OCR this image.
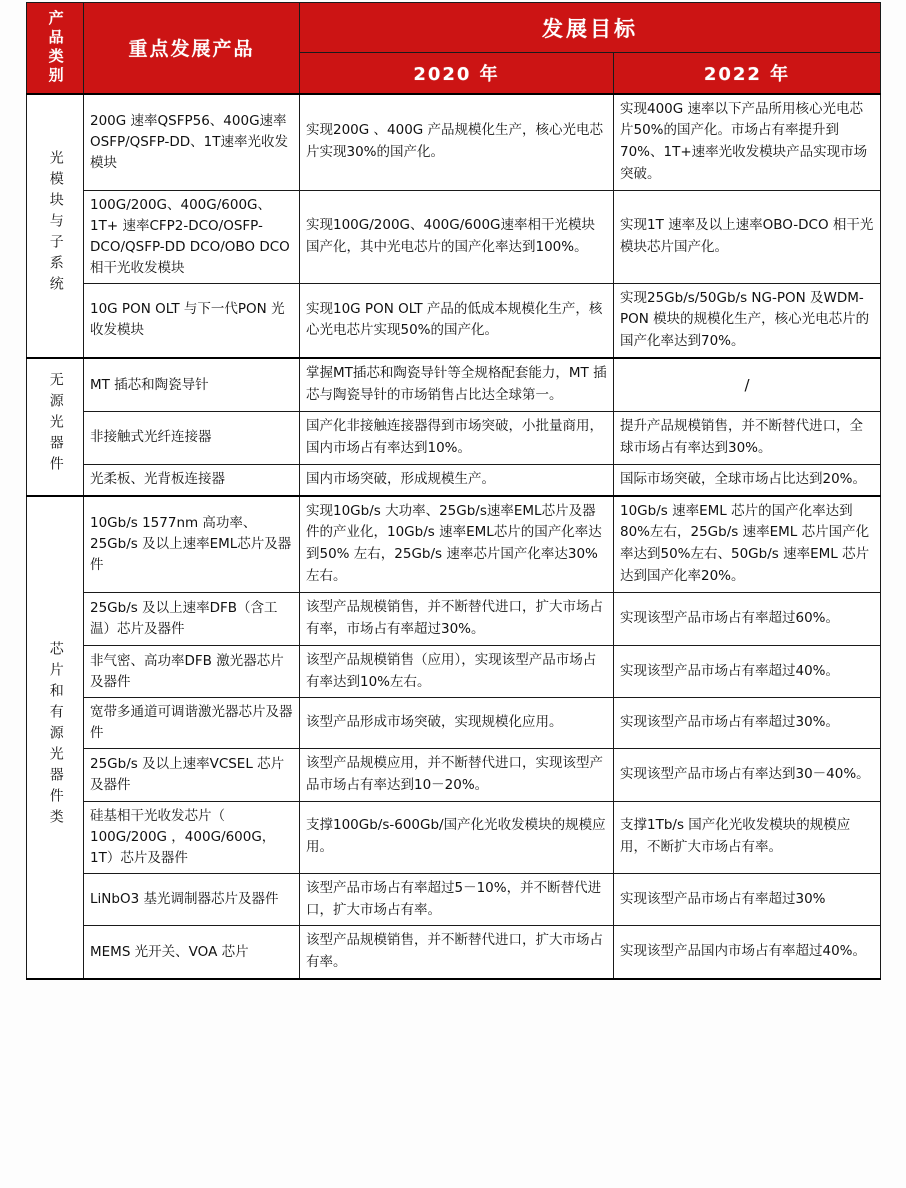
产品类别	重点发展产品	发展目标	
		2020 年	2022 年
光模块与子系统	200G 速率QSFP56、400G速率OSFP/QSFP-DD、1T速率光收发模块	实现200G 、400G 产品规模化生产，核心光电芯片实现30%的国产化。	实现400G 速率以下产品所用核心光电芯片50%的国产化。市场占有率提升到70%、1T+速率光收发模块产品实现市场突破。
	100G/200G、400G/600G、1T+ 速率CFP2-DCO/OSFP-DCO/QSFP-DD DCO/OBO DCO 相干光收发模块	实现100G/200G、400G/600G速率相干光模块国产化，其中光电芯片的国产化率达到100%。	实现1T 速率及以上速率OBO-DCO 相干光模块芯片国产化。
	10G PON OLT 与下一代PON 光收发模块	实现10G PON OLT 产品的低成本规模化生产，核心光电芯片实现50%的国产化。	实现25Gb/s/50Gb/s NG-PON 及WDM-PON 模块的规模化生产，核心光电芯片的国产化率达到70%。
无源光器件	MT 插芯和陶瓷导针	掌握MT插芯和陶瓷导针等全规格配套能力，MT 插芯与陶瓷导针的市场销售占比达全球第一。	/
	非接触式光纤连接器	国产化非接触连接器得到市场突破，小批量商用，国内市场占有率达到10%。	提升产品规模销售，并不断替代进口，全球市场占有率达到30%。
	光柔板、光背板连接器	国内市场突破，形成规模生产。	国际市场突破，全球市场占比达到20%。
芯片和有源光器件类	10Gb/s 1577nm 高功率、25Gb/s 及以上速率EML芯片及器件	实现10Gb/s 大功率、25Gb/s速率EML芯片及器件的产业化，10Gb/s 速率EML芯片的国产化率达到50% 左右，25Gb/s 速率芯片国产化率达30%左右。	10Gb/s 速率EML 芯片的国产化率达到80%左右，25Gb/s 速率EML 芯片国产化率达到50%左右、50Gb/s 速率EML 芯片达到国产化率20%。
	25Gb/s 及以上速率DFB（含工温）芯片及器件	该型产品规模销售，并不断替代进口，扩大市场占有率，市场占有率超过30%。	实现该型产品市场占有率超过60%。
	非气密、高功率DFB 激光器芯片及器件	该型产品规模销售（应用），实现该型产品市场占有率达到10%左右。	实现该型产品市场占有率超过40%。
	宽带多通道可调谐激光器芯片及器件	该型产品形成市场突破，实现规模化应用。	实现该型产品市场占有率超过30%。
	25Gb/s 及以上速率VCSEL 芯片及器件	该型产品规模应用，并不断替代进口，实现该型产品市场占有率达到10－20%。	实现该型产品市场占有率达到30－40%。
	硅基相干光收发芯片（ 100G/200G ，400G/600G，1T）芯片及器件	支撑100Gb/s-600Gb/国产化光收发模块的规模应用。	支撑1Tb/s 国产化光收发模块的规模应用，不断扩大市场占有率。
	LiNbO3 基光调制器芯片及器件	该型产品市场占有率超过5－10%，并不断替代进口，扩大市场占有率。	实现该型产品市场占有率超过30%
	MEMS 光开关、VOA 芯片	该型产品规模销售，并不断替代进口，扩大市场占有率。	实现该型产品国内市场占有率超过40%。
